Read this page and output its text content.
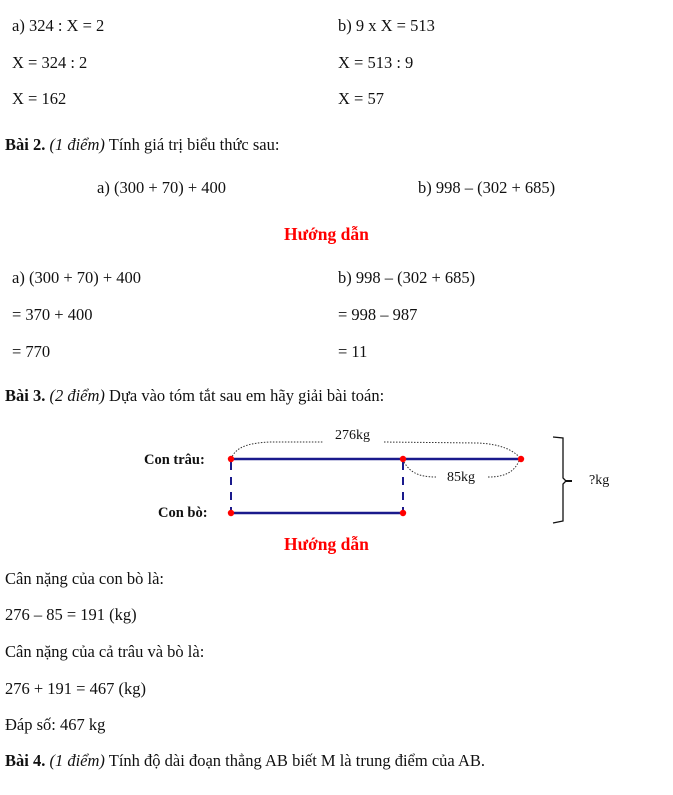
a) 324 : X = 2
X = 324 : 2
X = 162
b) 9 x X = 513
X = 513 : 9
X = 57
Bài 2. (1 điểm) Tính giá trị biểu thức sau:
a) (300 + 70) + 400	b) 998 – (302 + 685)
Hướng dẫn
a) (300 + 70) + 400
= 370 + 400
= 770
b) 998 – (302 + 685)
= 998 – 987
= 11
Bài 3. (2 điểm) Dựa vào tóm tắt sau em hãy giải bài toán:
Con trâu:
Con bò:
276kg
85kg	?kg
Hướng dẫn
Cân nặng của con bò là:
276 – 85 = 191 (kg)
Cân nặng của cả trâu và bò là:
276 + 191 = 467 (kg)
Đáp số: 467 kg
Bài 4. (1 điểm) Tính độ dài đoạn thẳng AB biết M là trung điểm của AB.
